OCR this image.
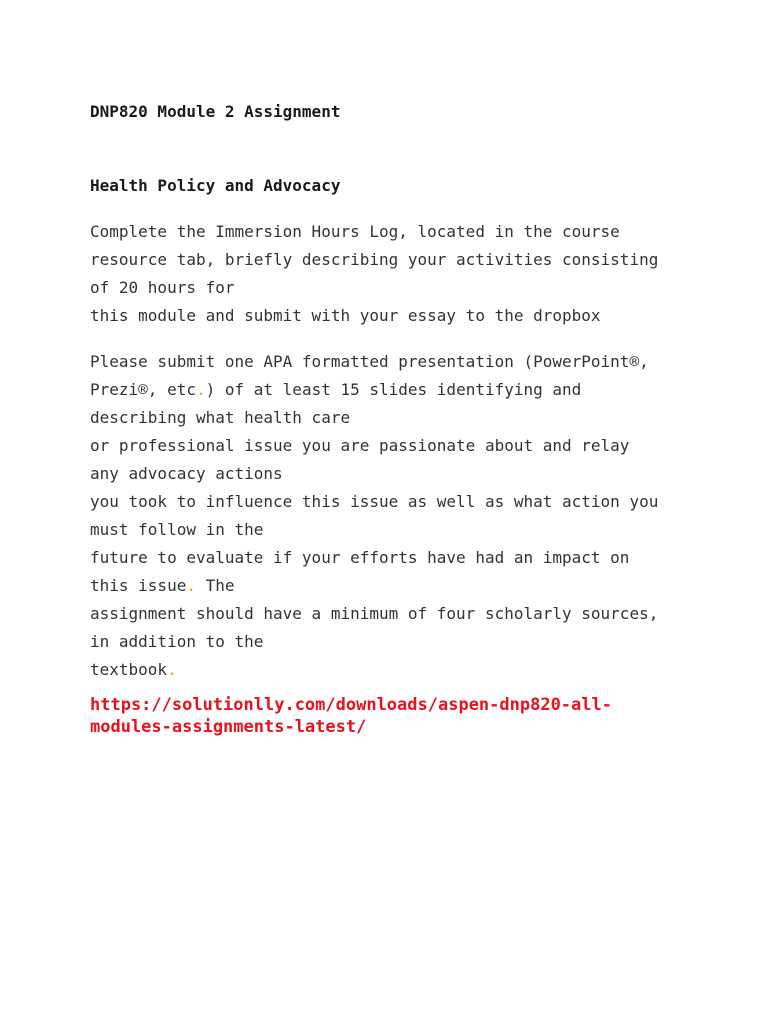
DNP820 Module 2 Assignment
Health Policy and Advocacy

Complete the Immersion Hours Log, located in the course
resource tab, briefly describing your activities consisting
of 20 hours for
this module and submit with your essay to the dropbox

Please submit one APA formatted presentation (PowerPoint®,
Prezi®, etc.) of at least 15 slides identifying and
describing what health care
or professional issue you are passionate about and relay
any advocacy actions
you took to influence this issue as well as what action you
must follow in the
future to evaluate if your efforts have had an impact on
this issue. The
assignment should have a minimum of four scholarly sources,
in addition to the
textbook.

https://solutionlly.com/downloads/aspen-dnp820-all-
modules-assignments-latest/
